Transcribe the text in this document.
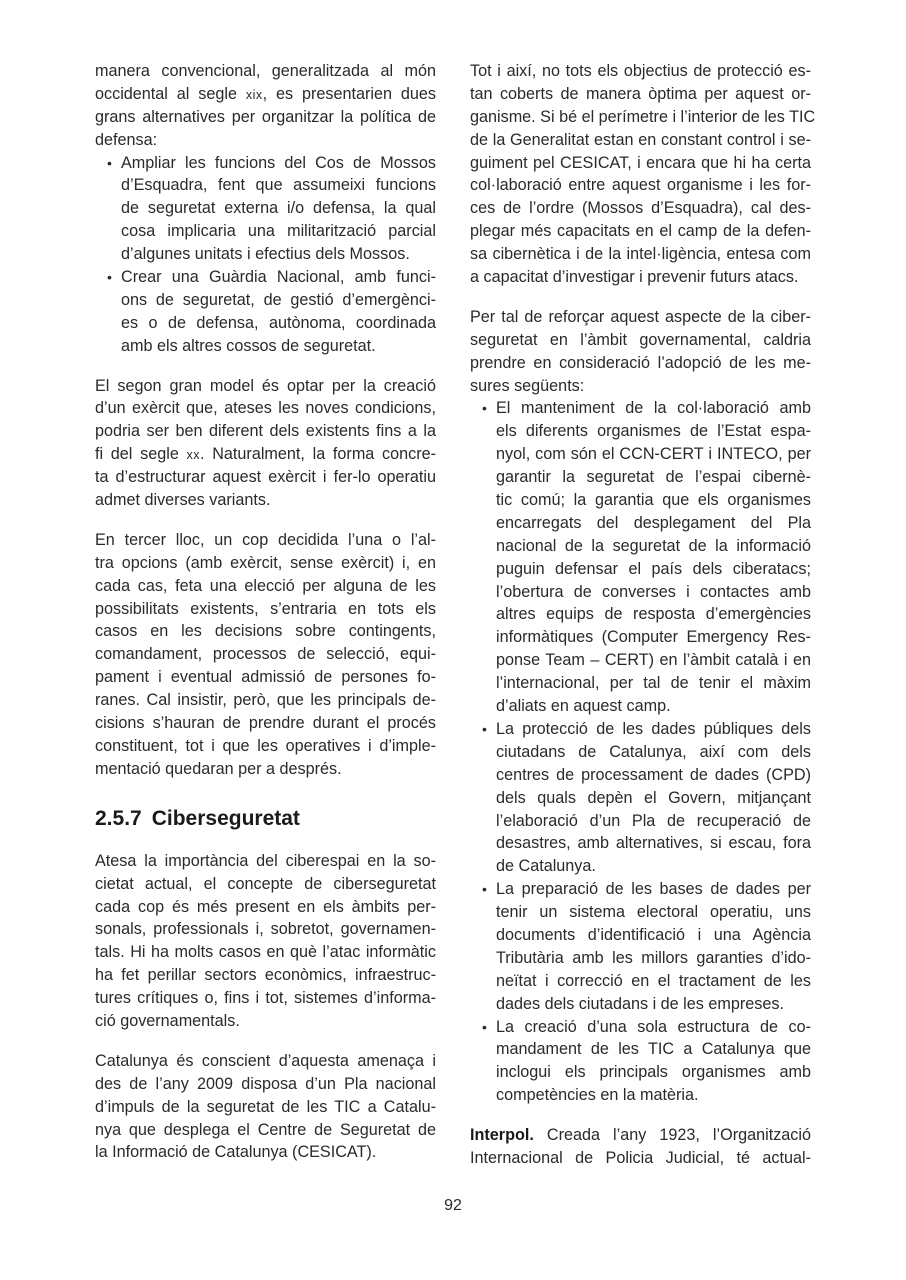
manera convencional, generalitzada al món
occidental al segle xix, es presentarien dues
grans alternatives per organitzar la política de
defensa:
• Ampliar les funcions del Cos de Mossos
d’Esquadra, fent que assumeixi funcions
de seguretat externa i/o defensa, la qual
cosa implicaria una militarització parcial
d’algunes unitats i efectius dels Mossos.
• Crear una Guàrdia Nacional, amb funci-
ons de seguretat, de gestió d’emergènci-
es o de defensa, autònoma, coordinada
amb els altres cossos de seguretat.
El segon gran model és optar per la creació
d’un exèrcit que, ateses les noves condicions,
podria ser ben diferent dels existents fins a la
fi del segle xx. Naturalment, la forma concre-
ta d’estructurar aquest exèrcit i fer-lo operatiu
admet diverses variants.
En tercer lloc, un cop decidida l’una o l’al-
tra opcions (amb exèrcit, sense exèrcit) i, en
cada cas, feta una elecció per alguna de les
possibilitats existents, s’entraria en tots els
casos en les decisions sobre contingents,
comandament, processos de selecció, equi-
pament i eventual admissió de persones fo-
ranes. Cal insistir, però, que les principals de-
cisions s’hauran de prendre durant el procés
constituent, tot i que les operatives i d’imple-
mentació quedaran per a després.
2.5.7 Ciberseguretat
Atesa la importància del ciberespai en la so-
cietat actual, el concepte de ciberseguretat
cada cop és més present en els àmbits per-
sonals, professionals i, sobretot, governamen-
tals. Hi ha molts casos en què l’atac informàtic
ha fet perillar sectors econòmics, infraestruc-
tures crítiques o, fins i tot, sistemes d’informa-
ció governamentals.
Catalunya és conscient d’aquesta amenaça i
des de l’any 2009 disposa d’un Pla nacional
d’impuls de la seguretat de les TIC a Catalu-
nya que desplega el Centre de Seguretat de
la Informació de Catalunya (CESICAT).
Tot i així, no tots els objectius de protecció es-
tan coberts de manera òptima per aquest or-
ganisme. Si bé el perímetre i l’interior de les TIC
de la Generalitat estan en constant control i se-
guiment pel CESICAT, i encara que hi ha certa
col·laboració entre aquest organisme i les for-
ces de l’ordre (Mossos d’Esquadra), cal des-
plegar més capacitats en el camp de la defen-
sa cibernètica i de la intel·ligència, entesa com
a capacitat d’investigar i prevenir futurs atacs.
Per tal de reforçar aquest aspecte de la ciber-
seguretat en l’àmbit governamental, caldria
prendre en consideració l’adopció de les me-
sures següents:
• El manteniment de la col·laboració amb
els diferents organismes de l’Estat espa-
nyol, com són el CCN-CERT i INTECO, per
garantir la seguretat de l’espai cibernè-
tic comú; la garantia que els organismes
encarregats del desplegament del Pla
nacional de la seguretat de la informació
puguin defensar el país dels ciberatacs;
l’obertura de converses i contactes amb
altres equips de resposta d’emergències
informàtiques (Computer Emergency Res-
ponse Team – CERT) en l’àmbit català i en
l’internacional, per tal de tenir el màxim
d’aliats en aquest camp.
• La protecció de les dades públiques dels
ciutadans de Catalunya, així com dels
centres de processament de dades (CPD)
dels quals depèn el Govern, mitjançant
l’elaboració d’un Pla de recuperació de
desastres, amb alternatives, si escau, fora
de Catalunya.
• La preparació de les bases de dades per
tenir un sistema electoral operatiu, uns
documents d’identificació i una Agència
Tributària amb les millors garanties d’ido-
neïtat i correcció en el tractament de les
dades dels ciutadans i de les empreses.
• La creació d’una sola estructura de co-
mandament de les TIC a Catalunya que
inclogui els principals organismes amb
competències en la matèria.
Interpol. Creada l’any 1923, l’Organització
Internacional de Policia Judicial, té actual-
92
